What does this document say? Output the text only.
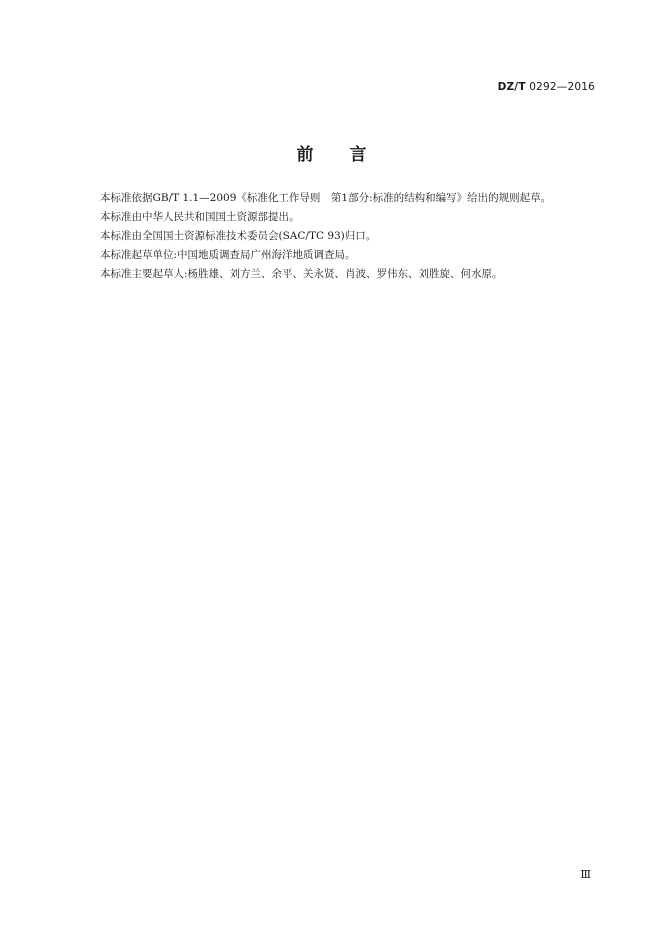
DZ/T 0292—2016
前言

本标准依据GB/T 1.1—2009《标准化工作导则　第1部分:标准的结构和编写》给出的规则起草。

本标准由中华人民共和国国土资源部提出。

本标准由全国国土资源标准技术委员会(SAC/TC 93)归口。

本标准起草单位:中国地质调查局广州海洋地质调查局。

本标准主要起草人:杨胜雄、刘方兰、余平、关永贤、肖波、罗伟东、刘胜旋、何水原。

Ⅲ
